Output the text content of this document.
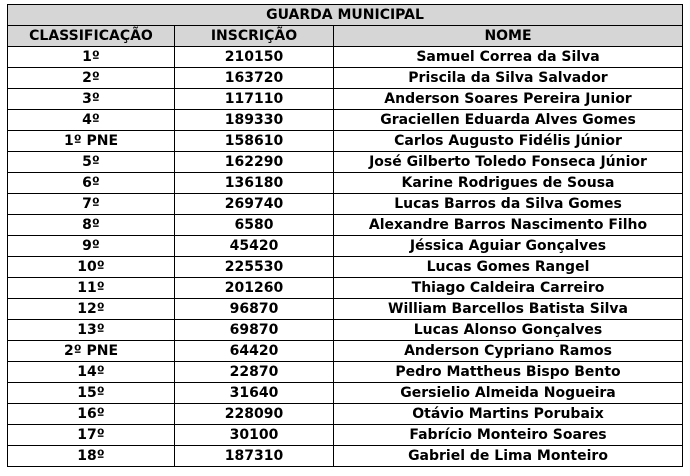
GUARDA MUNICIPAL		
CLASSIFICAÇÃO	INSCRIÇÃO	NOME
1º	210150	Samuel Correa da Silva
2º	163720	Priscila da Silva Salvador
3º	117110	Anderson Soares Pereira Junior
4º	189330	Graciellen Eduarda Alves Gomes
1º PNE	158610	Carlos Augusto Fidélis Júnior
5º	162290	José Gilberto Toledo Fonseca Júnior
6º	136180	Karine Rodrigues de Sousa
7º	269740	Lucas Barros da Silva Gomes
8º	6580	Alexandre Barros Nascimento Filho
9º	45420	Jéssica Aguiar Gonçalves
10º	225530	Lucas Gomes Rangel
11º	201260	Thiago Caldeira Carreiro
12º	96870	William Barcellos Batista Silva
13º	69870	Lucas Alonso Gonçalves
2º PNE	64420	Anderson Cypriano Ramos
14º	22870	Pedro Mattheus Bispo Bento
15º	31640	Gersielio Almeida Nogueira
16º	228090	Otávio Martins Porubaix
17º	30100	Fabrício Monteiro Soares
18º	187310	Gabriel de Lima Monteiro
